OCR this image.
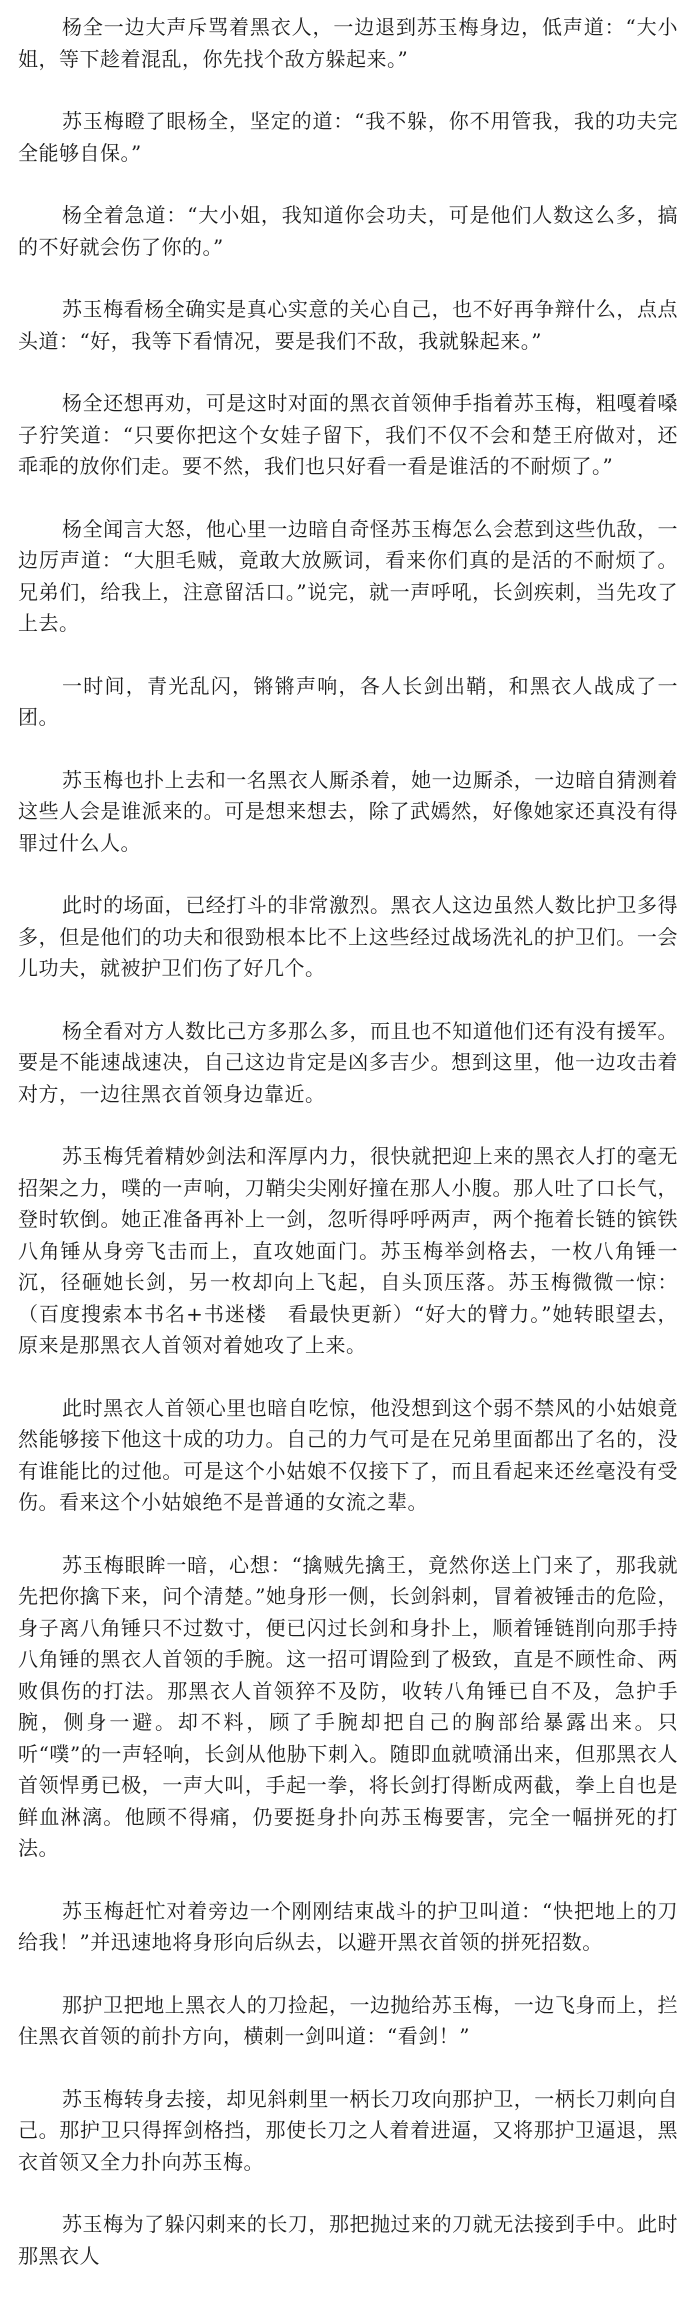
杨全一边大声斥骂着黑衣人，一边退到苏玉梅身边，低声道：“大小姐，等下趁着混乱，你先找个敌方躲起来。”

苏玉梅瞪了眼杨全，坚定的道：“我不躲，你不用管我，我的功夫完全能够自保。”

杨全着急道：“大小姐，我知道你会功夫，可是他们人数这么多，搞的不好就会伤了你的。”

苏玉梅看杨全确实是真心实意的关心自己，也不好再争辩什么，点点头道：“好，我等下看情况，要是我们不敌，我就躲起来。”

杨全还想再劝，可是这时对面的黑衣首领伸手指着苏玉梅，粗嘎着嗓子狞笑道：“只要你把这个女娃子留下，我们不仅不会和楚王府做对，还乖乖的放你们走。要不然，我们也只好看一看是谁活的不耐烦了。”

杨全闻言大怒，他心里一边暗自奇怪苏玉梅怎么会惹到这些仇敌，一边厉声道：“大胆毛贼，竟敢大放厥词，看来你们真的是活的不耐烦了。兄弟们，给我上，注意留活口。”说完，就一声呼吼，长剑疾刺，当先攻了上去。

一时间，青光乱闪，锵锵声响，各人长剑出鞘，和黑衣人战成了一团。

苏玉梅也扑上去和一名黑衣人厮杀着，她一边厮杀，一边暗自猜测着这些人会是谁派来的。可是想来想去，除了武嫣然，好像她家还真没有得罪过什么人。

此时的场面，已经打斗的非常激烈。黑衣人这边虽然人数比护卫多得多，但是他们的功夫和很勁根本比不上这些经过战场洗礼的护卫们。一会儿功夫，就被护卫们伤了好几个。

杨全看对方人数比己方多那么多，而且也不知道他们还有没有援军。要是不能速战速决，自己这边肯定是凶多吉少。想到这里，他一边攻击着对方，一边往黑衣首领身边靠近。

苏玉梅凭着精妙剑法和浑厚内力，很快就把迎上来的黑衣人打的毫无招架之力，噗的一声响，刀鞘尖尖刚好撞在那人小腹。那人吐了口长气，登时软倒。她正准备再补上一剑，忽听得呼呼两声，两个拖着长链的镔铁八角锤从身旁飞击而上，直攻她面门。苏玉梅举剑格去，一枚八角锤一沉，径砸她长剑，另一枚却向上飞起，自头顶压落。苏玉梅微微一惊：（百度搜索本书名+书迷楼　看最快更新）“好大的臂力。”她转眼望去，原来是那黑衣人首领对着她攻了上来。

此时黑衣人首领心里也暗自吃惊，他没想到这个弱不禁风的小姑娘竟然能够接下他这十成的功力。自己的力气可是在兄弟里面都出了名的，没有谁能比的过他。可是这个小姑娘不仅接下了，而且看起来还丝毫没有受伤。看来这个小姑娘绝不是普通的女流之辈。

苏玉梅眼眸一暗，心想：“擒贼先擒王，竟然你送上门来了，那我就先把你擒下来，问个清楚。”她身形一侧，长剑斜刺，冒着被锤击的危险，身子离八角锤只不过数寸，便已闪过长剑和身扑上，顺着锤链削向那手持八角锤的黑衣人首领的手腕。这一招可谓险到了极致，直是不顾性命、两败俱伤的打法。那黑衣人首领猝不及防，收转八角锤已自不及，急护手腕，侧身一避。却不料，顾了手腕却把自己的胸部给暴露出来。只听“噗”的一声轻响，长剑从他胁下刺入。随即血就喷涌出来，但那黑衣人首领悍勇已极，一声大叫，手起一拳，将长剑打得断成两截，拳上自也是鲜血淋漓。他顾不得痛，仍要挺身扑向苏玉梅要害，完全一幅拼死的打法。

苏玉梅赶忙对着旁边一个刚刚结束战斗的护卫叫道：“快把地上的刀给我！”并迅速地将身形向后纵去，以避开黑衣首领的拼死招数。

那护卫把地上黑衣人的刀捡起，一边抛给苏玉梅，一边飞身而上，拦住黑衣首领的前扑方向，横刺一剑叫道：“看剑！”

苏玉梅转身去接，却见斜刺里一柄长刀攻向那护卫，一柄长刀刺向自己。那护卫只得挥剑格挡，那使长刀之人着着进逼，又将那护卫逼退，黑衣首领又全力扑向苏玉梅。

苏玉梅为了躲闪刺来的长刀，那把抛过来的刀就无法接到手中。此时那黑衣人
